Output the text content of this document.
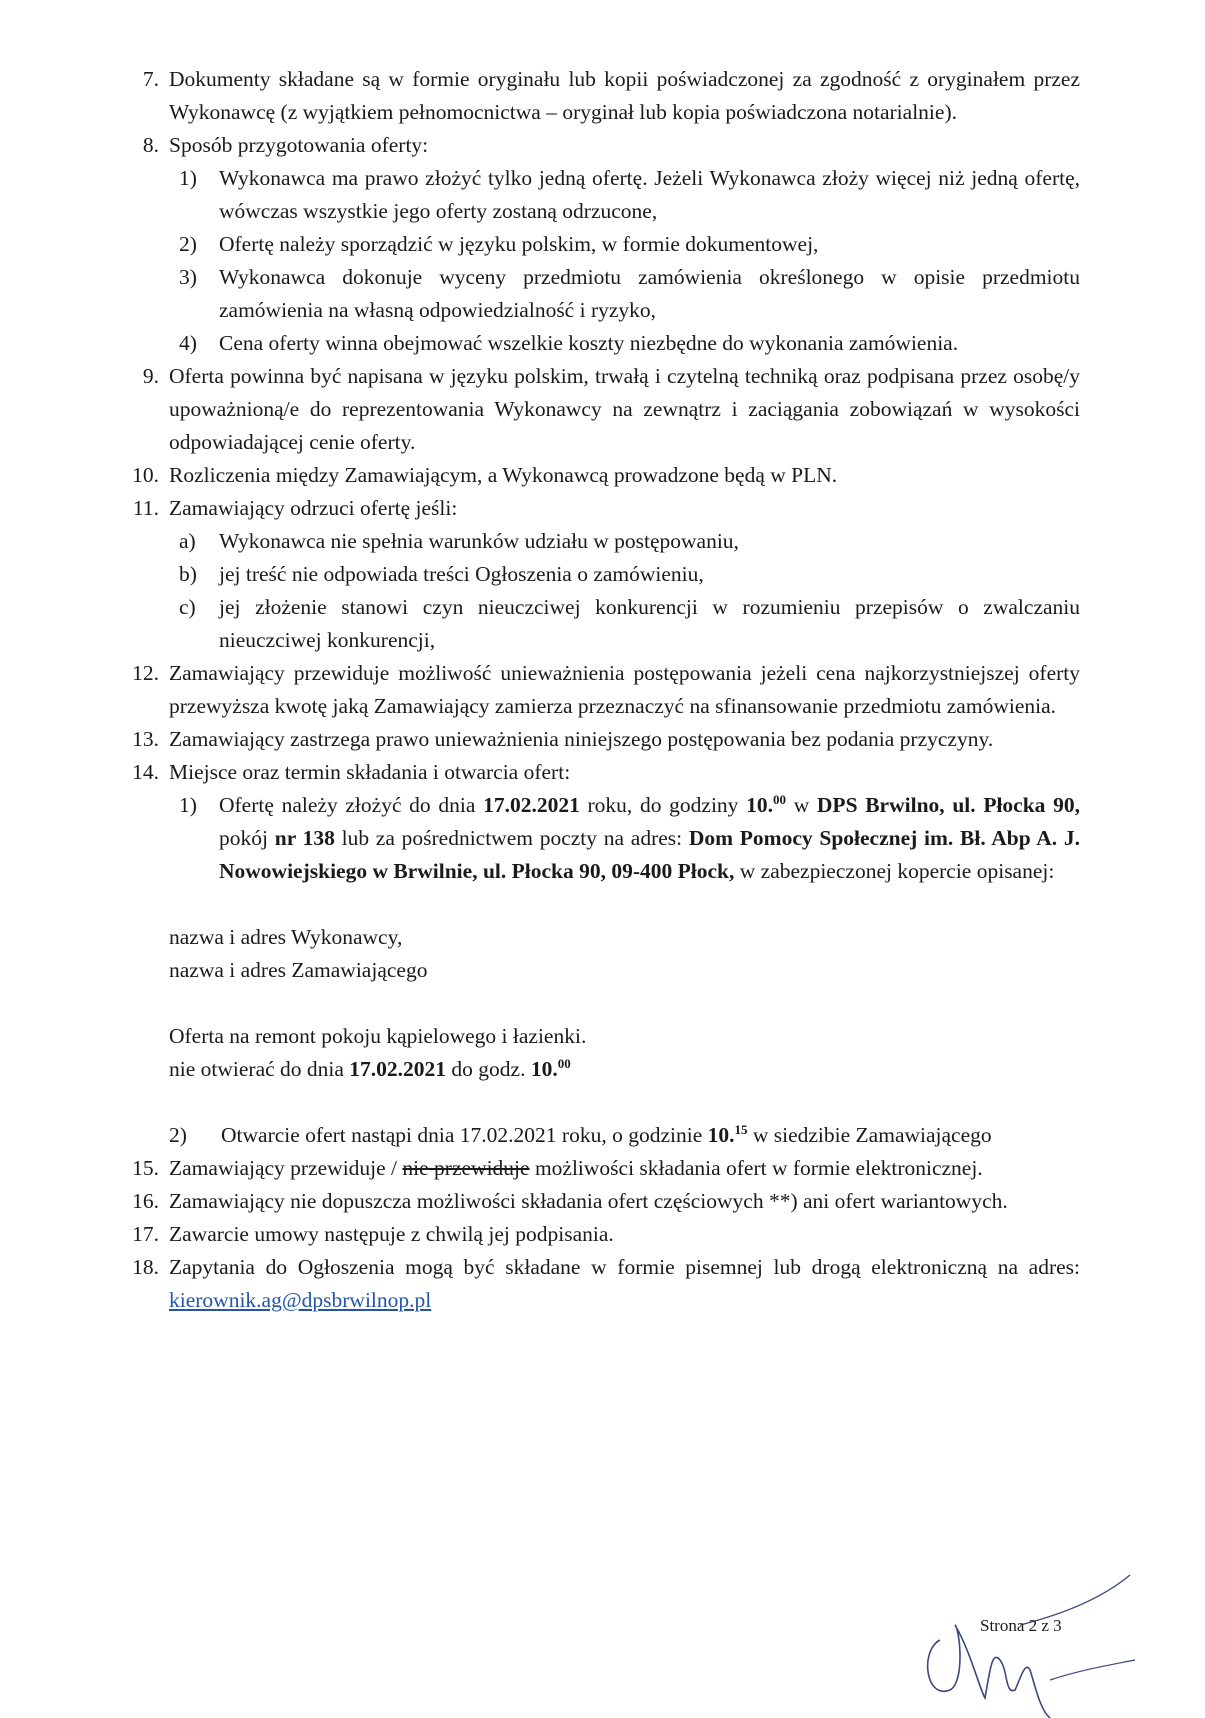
7. Dokumenty składane są w formie oryginału lub kopii poświadczonej za zgodność z oryginałem przez Wykonawcę (z wyjątkiem pełnomocnictwa – oryginał lub kopia poświadczona notarialnie).
8. Sposób przygotowania oferty:
1)	Wykonawca ma prawo złożyć tylko jedną ofertę. Jeżeli Wykonawca złoży więcej niż jedną ofertę, wówczas wszystkie jego oferty zostaną odrzucone,
2)	Ofertę należy sporządzić w języku polskim, w formie dokumentowej,
3)	Wykonawca dokonuje wyceny przedmiotu zamówienia określonego w opisie przedmiotu zamówienia na własną odpowiedzialność i ryzyko,
4)	Cena oferty winna obejmować wszelkie koszty niezbędne do wykonania zamówienia.
9. Oferta powinna być napisana w języku polskim, trwałą i czytelną techniką oraz podpisana przez osobę/y upoważnioną/e do reprezentowania Wykonawcy na zewnątrz i zaciągania zobowiązań w wysokości odpowiadającej cenie oferty.
10. Rozliczenia między Zamawiającym, a Wykonawcą prowadzone będą w PLN.
11. Zamawiający odrzuci ofertę jeśli:
a)	Wykonawca nie spełnia warunków udziału w postępowaniu,
b)	jej treść nie odpowiada treści Ogłoszenia o zamówieniu,
c)	jej złożenie stanowi czyn nieuczciwej konkurencji w rozumieniu przepisów o zwalczaniu nieuczciwej konkurencji,
12. Zamawiający przewiduje możliwość unieważnienia postępowania jeżeli cena najkorzystniejszej oferty przewyższa kwotę jaką Zamawiający zamierza przeznaczyć na sfinansowanie przedmiotu zamówienia.
13. Zamawiający zastrzega prawo unieważnienia niniejszego postępowania bez podania przyczyny.
14. Miejsce oraz termin składania i otwarcia ofert:
1)	Ofertę należy złożyć do dnia 17.02.2021 roku, do godziny 10.00 w DPS Brwilno, ul. Płocka 90, pokój nr 138 lub za pośrednictwem poczty na adres: Dom Pomocy Społecznej im. Bł. Abp A. J. Nowowiejskiego w Brwilnie, ul. Płocka 90, 09-400 Płock, w zabezpieczonej kopercie opisanej:
nazwa i adres Wykonawcy,
nazwa i adres Zamawiającego
Oferta na remont pokoju kąpielowego i łazienki.
nie otwierać do dnia 17.02.2021 do godz. 10.00
2)	Otwarcie ofert nastąpi dnia 17.02.2021 roku, o godzinie 10.15 w siedzibie Zamawiającego
15. Zamawiający przewiduje / nie przewiduje możliwości składania ofert w formie elektronicznej.
16. Zamawiający nie dopuszcza możliwości składania ofert częściowych **) ani ofert wariantowych.
17. Zawarcie umowy następuje z chwilą jej podpisania.
18. Zapytania do Ogłoszenia mogą być składane w formie pisemnej lub drogą elektroniczną na adres: kierownik.ag@dpsbrwilnop.pl
Strona 2 z 3
